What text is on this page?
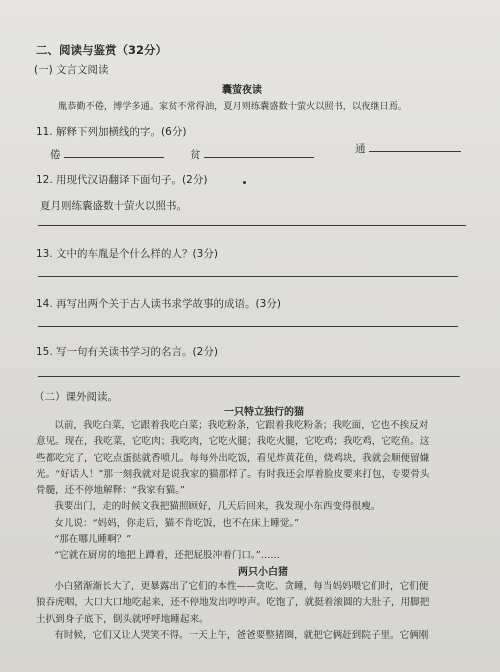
二、阅读与鉴赏（32分）
(一) 文言文阅读
囊萤夜读
胤恭勤不倦，博学多通。家贫不常得油，夏月则练囊盛数十萤火以照书，以夜继日焉。
11. 解释下列加横线的字。(6分)
倦	贫	通
12. 用现代汉语翻译下面句子。(2分)
夏月则练囊盛数十萤火以照书。
13. 文中的车胤是个什么样的人？(3分)
14. 再写出两个关于古人读书求学故事的成语。(3分)
15. 写一句有关读书学习的名言。(2分)
（二）课外阅读。
一只特立独行的猫
以前，我吃白菜，它跟着我吃白菜；我吃粉条，它跟着我吃粉条；我吃面，它也不挨反对
意见。现在，我吃菜，它吃肉；我吃肉，它吃火腿；我吃火腿，它吃鸡；我吃鸡，它吃鱼。这
些都吃完了，它吃点蛋挞就香喷儿。每每外出吃饭，看见炸黄花鱼，烧鸡块，我就会顺便留嫌
光。“好话人！”那一刻我就对是说我家的猫那样了。有时我还会厚着脸皮要来打包，专要骨头
骨髓，还不停地解释：“我家有猫。”
我要出门，走的时候文我把猫照顾好，几天后回来，我发现小东西变得很瘦。
女儿说：“妈妈，你走后，猫不肯吃饭，也不在床上睡觉。”
“那在哪儿睡啊？”
“它就在厨房的地把上蹲着，还把屁股冲着门口。”……
两只小白猪
小白猪渐渐长大了，更暴露出了它们的本性——贪吃、贪睡，每当妈妈喂它们时，它们便
狼吞虎咽，大口大口地吃起来，还不停地发出哼哼声。吃饱了，就挺着滚圆的大肚子，用脚把
土扒到身子底下，倒头就呼呼地睡起来。
有时候，它们又让人哭笑不得。一天上午，爸爸要整猪圈，就把它俩赶到院子里。它俩刚
